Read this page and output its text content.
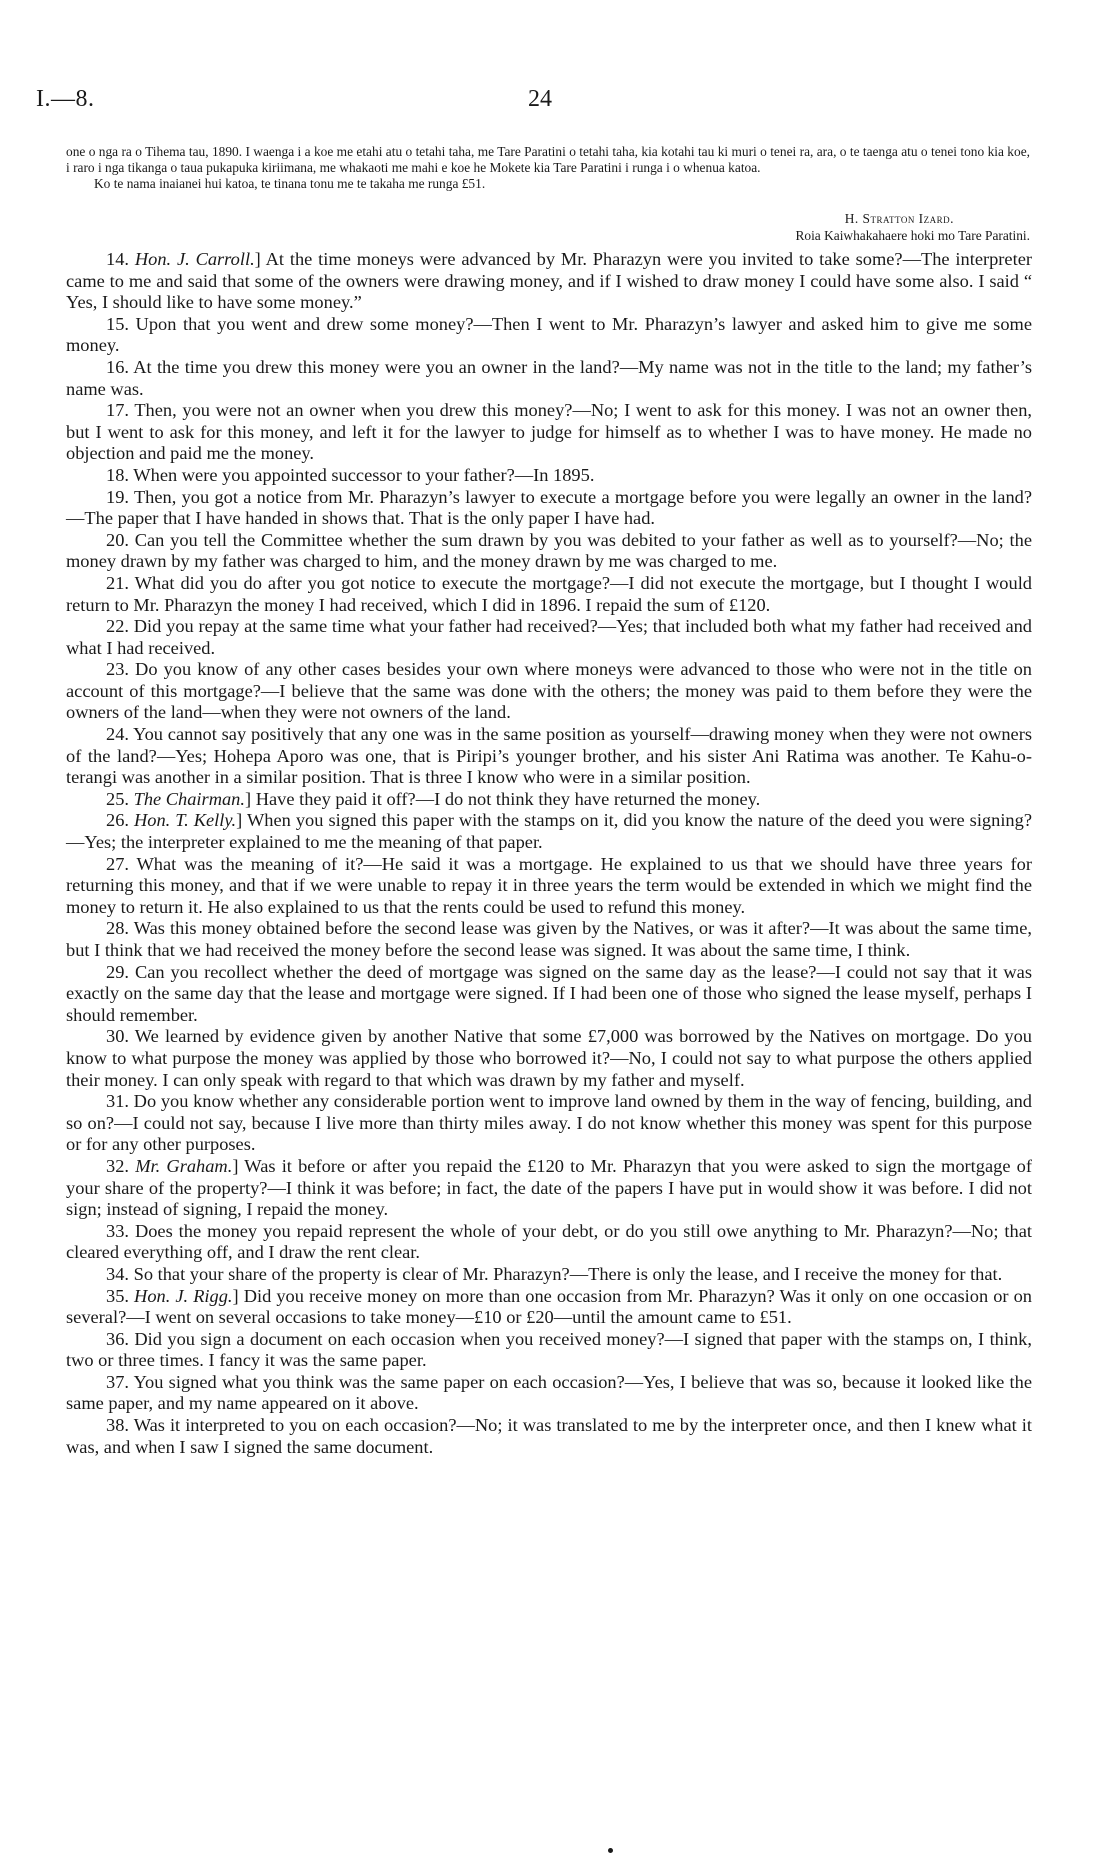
I.—8.	24

one o nga ra o Tihema tau, 1890. I waenga i a koe me etahi atu o tetahi taha, me Tare Paratini o tetahi taha, kia kotahi tau ki muri o tenei ra, ara, o te taenga atu o tenei tono kia koe, i raro i nga tikanga o taua pukapuka kiriimana, me whakaoti me mahi e koe he Mokete kia Tare Paratini i runga i o whenua katoa.

Ko te nama inaianei hui katoa, te tinana tonu me te takaha me runga £51.

H. Stratton Izard.
Roia Kaiwhakahaere hoki mo Tare Paratini.

14. Hon. J. Carroll.] At the time moneys were advanced by Mr. Pharazyn were you invited to take some?—The interpreter came to me and said that some of the owners were drawing money, and if I wished to draw money I could have some also. I said “ Yes, I should like to have some money.”

15. Upon that you went and drew some money?—Then I went to Mr. Pharazyn’s lawyer and asked him to give me some money.

16. At the time you drew this money were you an owner in the land?—My name was not in the title to the land; my father’s name was.

17. Then, you were not an owner when you drew this money?—No; I went to ask for this money. I was not an owner then, but I went to ask for this money, and left it for the lawyer to judge for himself as to whether I was to have money. He made no objection and paid me the money.

18. When were you appointed successor to your father?—In 1895.

19. Then, you got a notice from Mr. Pharazyn’s lawyer to execute a mortgage before you were legally an owner in the land?—The paper that I have handed in shows that. That is the only paper I have had.

20. Can you tell the Committee whether the sum drawn by you was debited to your father as well as to yourself?—No; the money drawn by my father was charged to him, and the money drawn by me was charged to me.

21. What did you do after you got notice to execute the mortgage?—I did not execute the mortgage, but I thought I would return to Mr. Pharazyn the money I had received, which I did in 1896. I repaid the sum of £120.

22. Did you repay at the same time what your father had received?—Yes; that included both what my father had received and what I had received.

23. Do you know of any other cases besides your own where moneys were advanced to those who were not in the title on account of this mortgage?—I believe that the same was done with the others; the money was paid to them before they were the owners of the land—when they were not owners of the land.

24. You cannot say positively that any one was in the same position as yourself—drawing money when they were not owners of the land?—Yes; Hohepa Aporo was one, that is Piripi’s younger brother, and his sister Ani Ratima was another. Te Kahu-o-terangi was another in a similar position. That is three I know who were in a similar position.

25. The Chairman.] Have they paid it off?—I do not think they have returned the money.

26. Hon. T. Kelly.] When you signed this paper with the stamps on it, did you know the nature of the deed you were signing?—Yes; the interpreter explained to me the meaning of that paper.

27. What was the meaning of it?—He said it was a mortgage. He explained to us that we should have three years for returning this money, and that if we were unable to repay it in three years the term would be extended in which we might find the money to return it. He also explained to us that the rents could be used to refund this money.

28. Was this money obtained before the second lease was given by the Natives, or was it after?—It was about the same time, but I think that we had received the money before the second lease was signed. It was about the same time, I think.

29. Can you recollect whether the deed of mortgage was signed on the same day as the lease?—I could not say that it was exactly on the same day that the lease and mortgage were signed. If I had been one of those who signed the lease myself, perhaps I should remember.

30. We learned by evidence given by another Native that some £7,000 was borrowed by the Natives on mortgage. Do you know to what purpose the money was applied by those who borrowed it?—No, I could not say to what purpose the others applied their money. I can only speak with regard to that which was drawn by my father and myself.

31. Do you know whether any considerable portion went to improve land owned by them in the way of fencing, building, and so on?—I could not say, because I live more than thirty miles away. I do not know whether this money was spent for this purpose or for any other purposes.

32. Mr. Graham.] Was it before or after you repaid the £120 to Mr. Pharazyn that you were asked to sign the mortgage of your share of the property?—I think it was before; in fact, the date of the papers I have put in would show it was before. I did not sign; instead of signing, I repaid the money.

33. Does the money you repaid represent the whole of your debt, or do you still owe anything to Mr. Pharazyn?—No; that cleared everything off, and I draw the rent clear.

34. So that your share of the property is clear of Mr. Pharazyn?—There is only the lease, and I receive the money for that.

35. Hon. J. Rigg.] Did you receive money on more than one occasion from Mr. Pharazyn? Was it only on one occasion or on several?—I went on several occasions to take money—£10 or £20—until the amount came to £51.

36. Did you sign a document on each occasion when you received money?—I signed that paper with the stamps on, I think, two or three times. I fancy it was the same paper.

37. You signed what you think was the same paper on each occasion?—Yes, I believe that was so, because it looked like the same paper, and my name appeared on it above.

38. Was it interpreted to you on each occasion?—No; it was translated to me by the interpreter once, and then I knew what it was, and when I saw I signed the same document.
